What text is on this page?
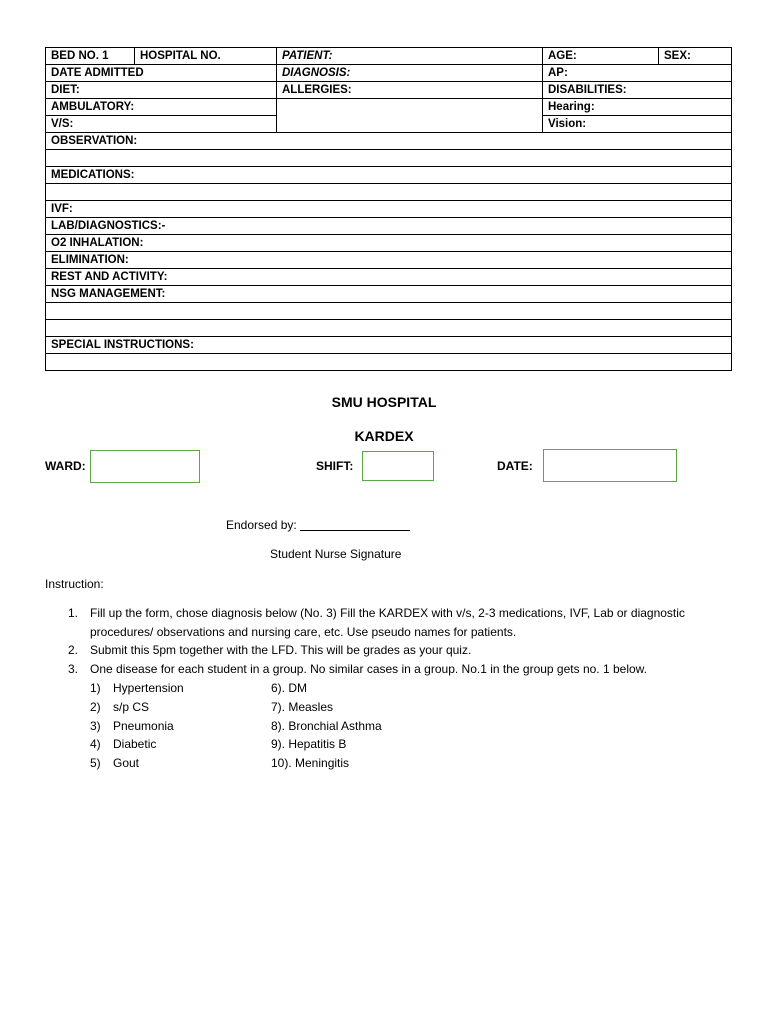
BED NO. 1	HOSPITAL NO.	PATIENT:	AGE:	SEX:
DATE ADMITTED		DIAGNOSIS:	AP:	
DIET:		ALLERGIES:	DISABILITIES:	
AMBULATORY:			Hearing:	
V/S:			Vision:	
OBSERVATION:				

MEDICATIONS:				

IVF:				
LAB/DIAGNOSTICS:-				
O2 INHALATION:				
ELIMINATION:				
REST AND ACTIVITY:				
NSG MANAGEMENT:				

SPECIAL INSTRUCTIONS:				

SMU HOSPITAL
KARDEX
WARD:	SHIFT:	DATE:
Endorsed by:
Student Nurse Signature
Instruction:
1. Fill up the form, chose diagnosis below (No. 3) Fill the KARDEX with v/s, 2-3 medications, IVF, Lab or diagnostic procedures/ observations and nursing care, etc. Use pseudo names for patients.
2. Submit this 5pm together with the LFD. This will be grades as your quiz.
3. One disease for each student in a group. No similar cases in a group. No.1 in the group gets no. 1 below.
1)	Hypertension	6). DM
2)	s/p CS	7). Measles
3)	Pneumonia	8). Bronchial Asthma
4)	Diabetic	9). Hepatitis B
5)	Gout	10). Meningitis
